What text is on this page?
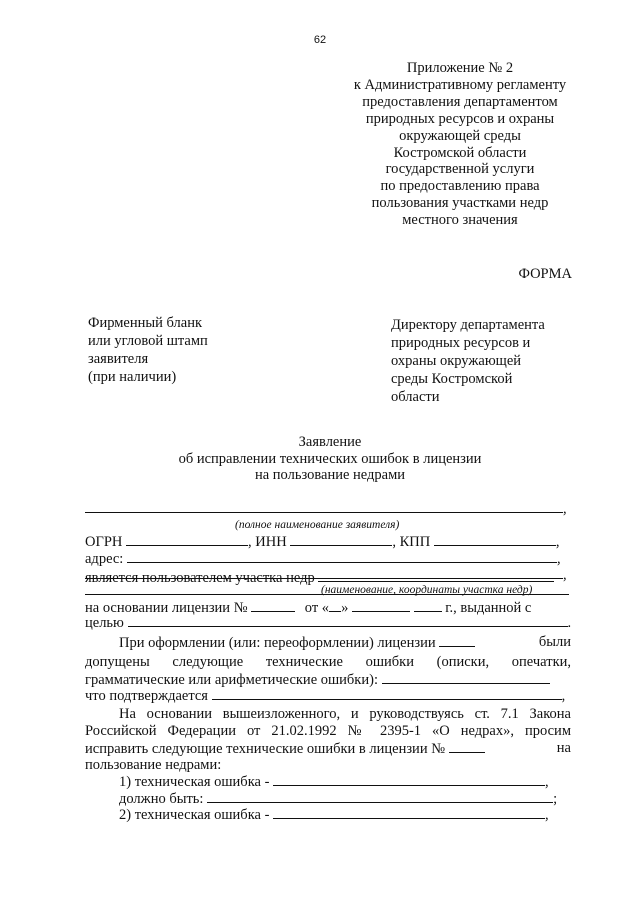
62
Приложение № 2
к Административному регламенту
предоставления департаментом
природных ресурсов и охраны
окружающей среды
Костромской области
государственной услуги
по предоставлению права
пользования участками недр
местного значения
ФОРМА
Фирменный бланк
или угловой штамп
заявителя
(при наличии)
Директору департамента
природных ресурсов и
охраны окружающей
среды Костромской
области
Заявление
об исправлении технических ошибок в лицензии
на пользование недрами
,
(полное наименование заявителя)
ОГРН	, ИНН	, КПП	,
адрес:	,
,
является пользователем участка недр
(наименование, координаты участка недр)
на основании лицензии №	от « »	г., выданной с
целью	.
При оформлении (или: переоформлении) лицензии	были
допущены следующие технические ошибки (описки, опечатки,
грамматические или арифметические ошибки):
что подтверждается	,
На основании вышеизложенного, и руководствуясь ст. 7.1 Закона
Российской Федерации от 21.02.1992 № 2395-1 «О недрах», просим
исправить следующие технические ошибки в лицензии №	на
пользование недрами:
1) техническая ошибка -	,
должно быть:	;
2) техническая ошибка -	,
